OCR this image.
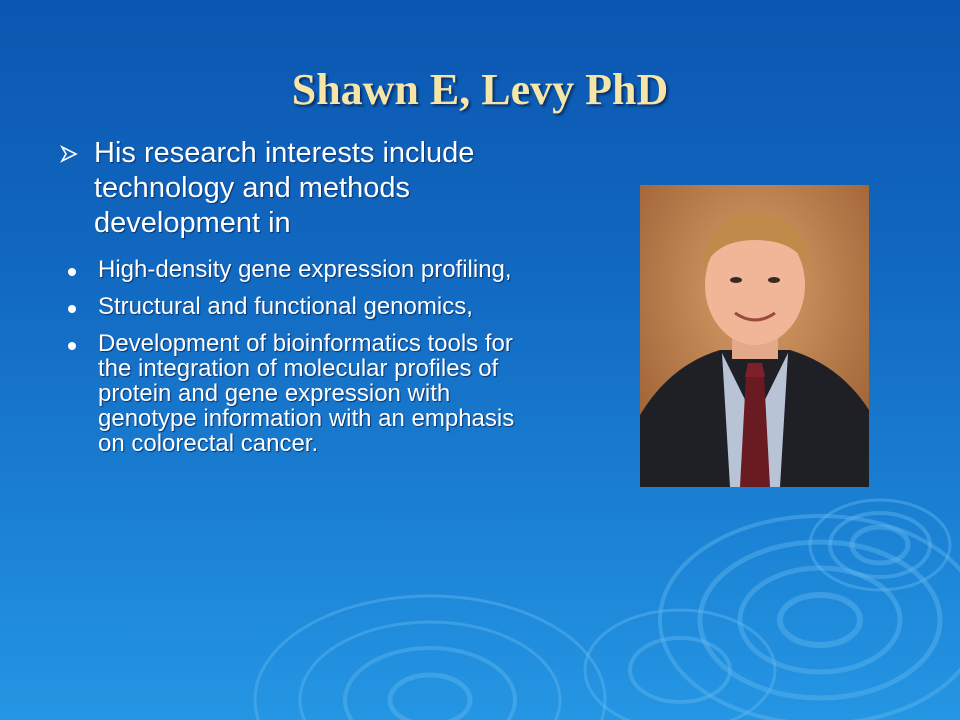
Shawn E, Levy PhD
His research interests include technology and methods development in
High-density gene expression profiling,
Structural and functional genomics,
Development of bioinformatics tools for the integration of molecular profiles of protein and gene expression with genotype information with an emphasis on colorectal cancer.
